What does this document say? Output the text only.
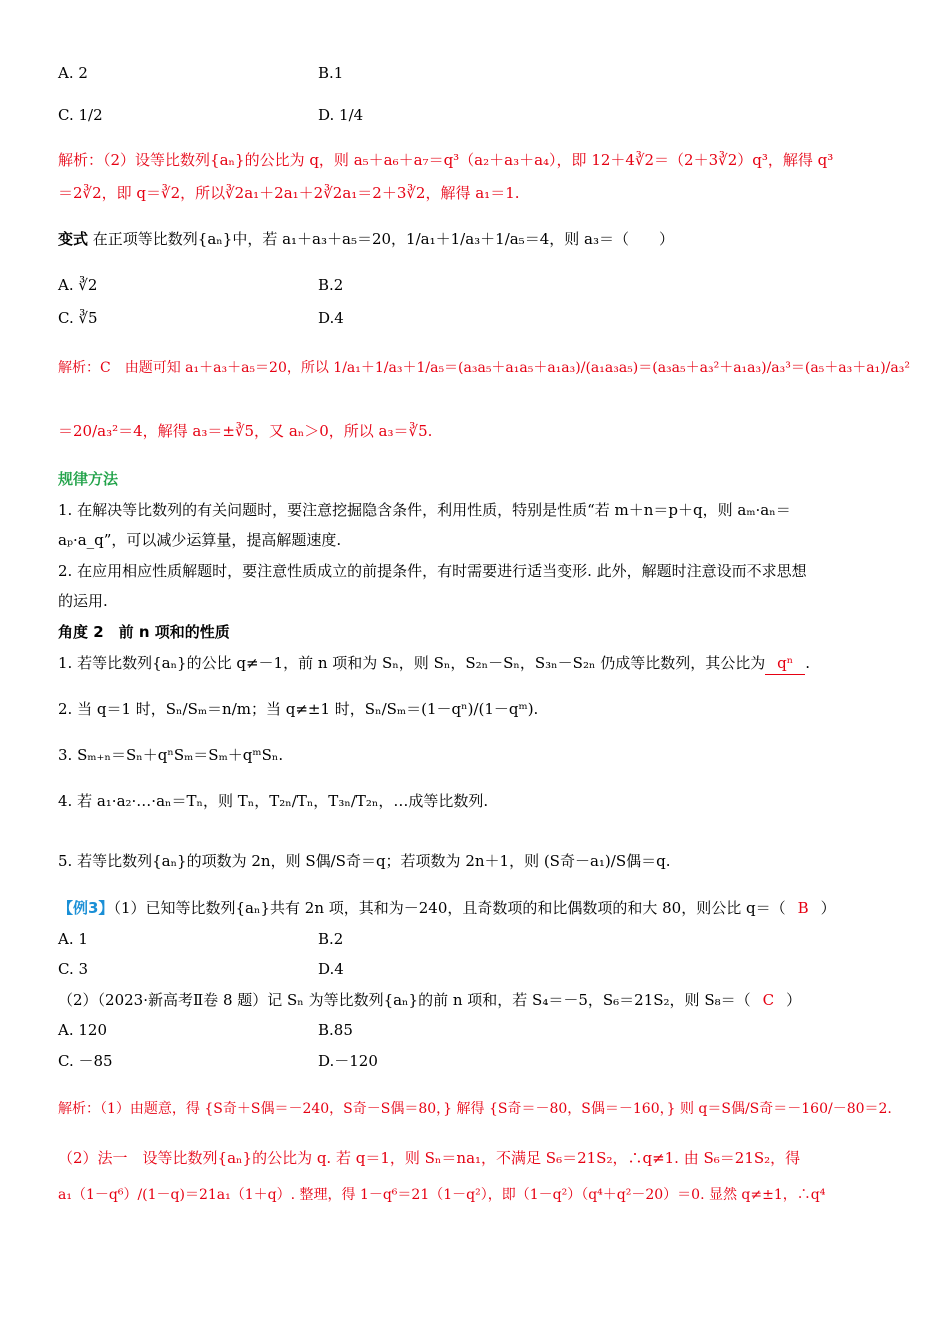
A. 2	B.1
C. 1/2	D. 1/4
解析：（2）设等比数列{aₙ}的公比为 q，则 a₅＋a₆＋a₇＝q³（a₂＋a₃＋a₄），即 12＋4∛2＝（2＋3∛2）q³，解得 q³
＝2∛2，即 q＝∛2，所以∛2a₁＋2a₁＋2∛2a₁＝2＋3∛2，解得 a₁＝1.
变式 在正项等比数列{aₙ}中，若 a₁＋a₃＋a₅＝20，1/a₁＋1/a₃＋1/a₅＝4，则 a₃＝（　　）
A. ∛2	B.2
C. ∛5	D.4
解析：C　由题可知 a₁＋a₃＋a₅＝20，所以 1/a₁＋1/a₃＋1/a₅＝(a₃a₅＋a₁a₅＋a₁a₃)/(a₁a₃a₅)＝(a₃a₅＋a₃²＋a₁a₃)/a₃³＝(a₅＋a₃＋a₁)/a₃²
＝20/a₃²＝4，解得 a₃＝±∛5，又 aₙ＞0，所以 a₃＝∛5.
规律方法
1. 在解决等比数列的有关问题时，要注意挖掘隐含条件，利用性质，特别是性质“若 m＋n＝p＋q，则 aₘ·aₙ＝
aₚ·a_q”，可以减少运算量，提高解题速度.
2. 在应用相应性质解题时，要注意性质成立的前提条件，有时需要进行适当变形. 此外，解题时注意设而不求思想
的运用.
角度 2　前 n 项和的性质
1. 若等比数列{aₙ}的公比 q≠－1，前 n 项和为 Sₙ，则 Sₙ，S₂ₙ－Sₙ，S₃ₙ－S₂ₙ 仍成等比数列，其公比为 qⁿ .
2. 当 q＝1 时，Sₙ/Sₘ＝n/m；当 q≠±1 时，Sₙ/Sₘ＝(1－qⁿ)/(1－qᵐ).
3. Sₘ₊ₙ＝Sₙ＋qⁿSₘ＝Sₘ＋qᵐSₙ.
4. 若 a₁·a₂·…·aₙ＝Tₙ，则 Tₙ，T₂ₙ/Tₙ，T₃ₙ/T₂ₙ，…成等比数列.
5. 若等比数列{aₙ}的项数为 2n，则 S偶/S奇＝q；若项数为 2n＋1，则 (S奇－a₁)/S偶＝q.
【例3】（1）已知等比数列{aₙ}共有 2n 项，其和为－240，且奇数项的和比偶数项的和大 80，则公比 q＝（ B ）
A. 1	B.2
C. 3	D.4
（2）（2023·新高考Ⅱ卷 8 题）记 Sₙ 为等比数列{aₙ}的前 n 项和，若 S₄＝－5，S₆＝21S₂，则 S₈＝（ C ）
A. 120	B.85
C. －85	D.－120
解析：（1）由题意，得 {S奇＋S偶＝－240，S奇－S偶＝80，} 解得 {S奇＝－80，S偶＝－160，} 则 q＝S偶/S奇＝－160/－80＝2.
（2）法一　设等比数列{aₙ}的公比为 q. 若 q＝1，则 Sₙ＝na₁，不满足 S₆＝21S₂，∴q≠1. 由 S₆＝21S₂，得
a₁（1－q⁶）/(1－q)＝21a₁（1＋q）. 整理，得 1－q⁶＝21（1－q²），即（1－q²）（q⁴＋q²－20）＝0. 显然 q≠±1，∴q⁴
